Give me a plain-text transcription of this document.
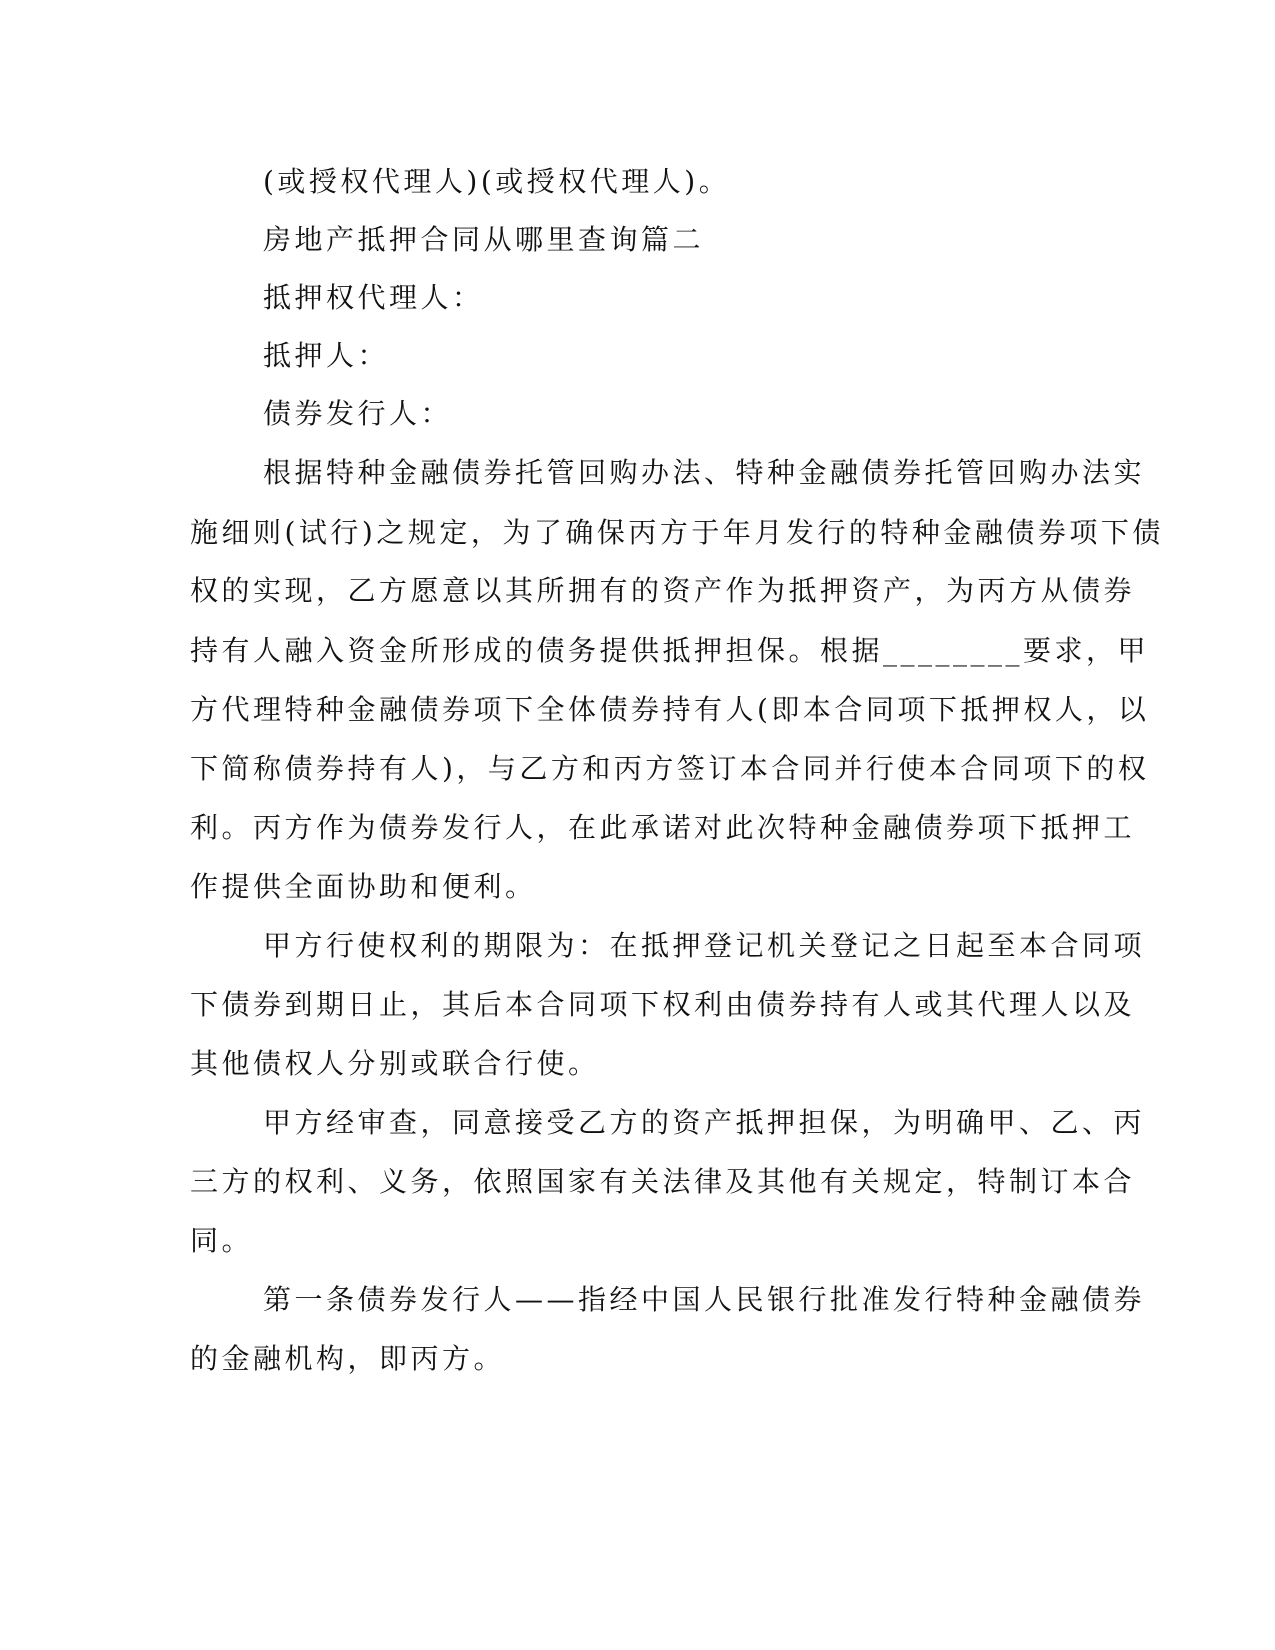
(或授权代理人)(或授权代理人)。
房地产抵押合同从哪里查询篇二
抵押权代理人：
抵押人：
债券发行人：
根据特种金融债券托管回购办法、特种金融债券托管回购办法实
施细则(试行)之规定，为了确保丙方于年月发行的特种金融债券项下债
权的实现，乙方愿意以其所拥有的资产作为抵押资产，为丙方从债券
持有人融入资金所形成的债务提供抵押担保。根据________要求，甲
方代理特种金融债券项下全体债券持有人(即本合同项下抵押权人，以
下简称债券持有人)，与乙方和丙方签订本合同并行使本合同项下的权
利。丙方作为债券发行人，在此承诺对此次特种金融债券项下抵押工
作提供全面协助和便利。
甲方行使权利的期限为：在抵押登记机关登记之日起至本合同项
下债券到期日止，其后本合同项下权利由债券持有人或其代理人以及
其他债权人分别或联合行使。
甲方经审查，同意接受乙方的资产抵押担保，为明确甲、乙、丙
三方的权利、义务，依照国家有关法律及其他有关规定，特制订本合
同。
第一条债券发行人——指经中国人民银行批准发行特种金融债券
的金融机构，即丙方。
